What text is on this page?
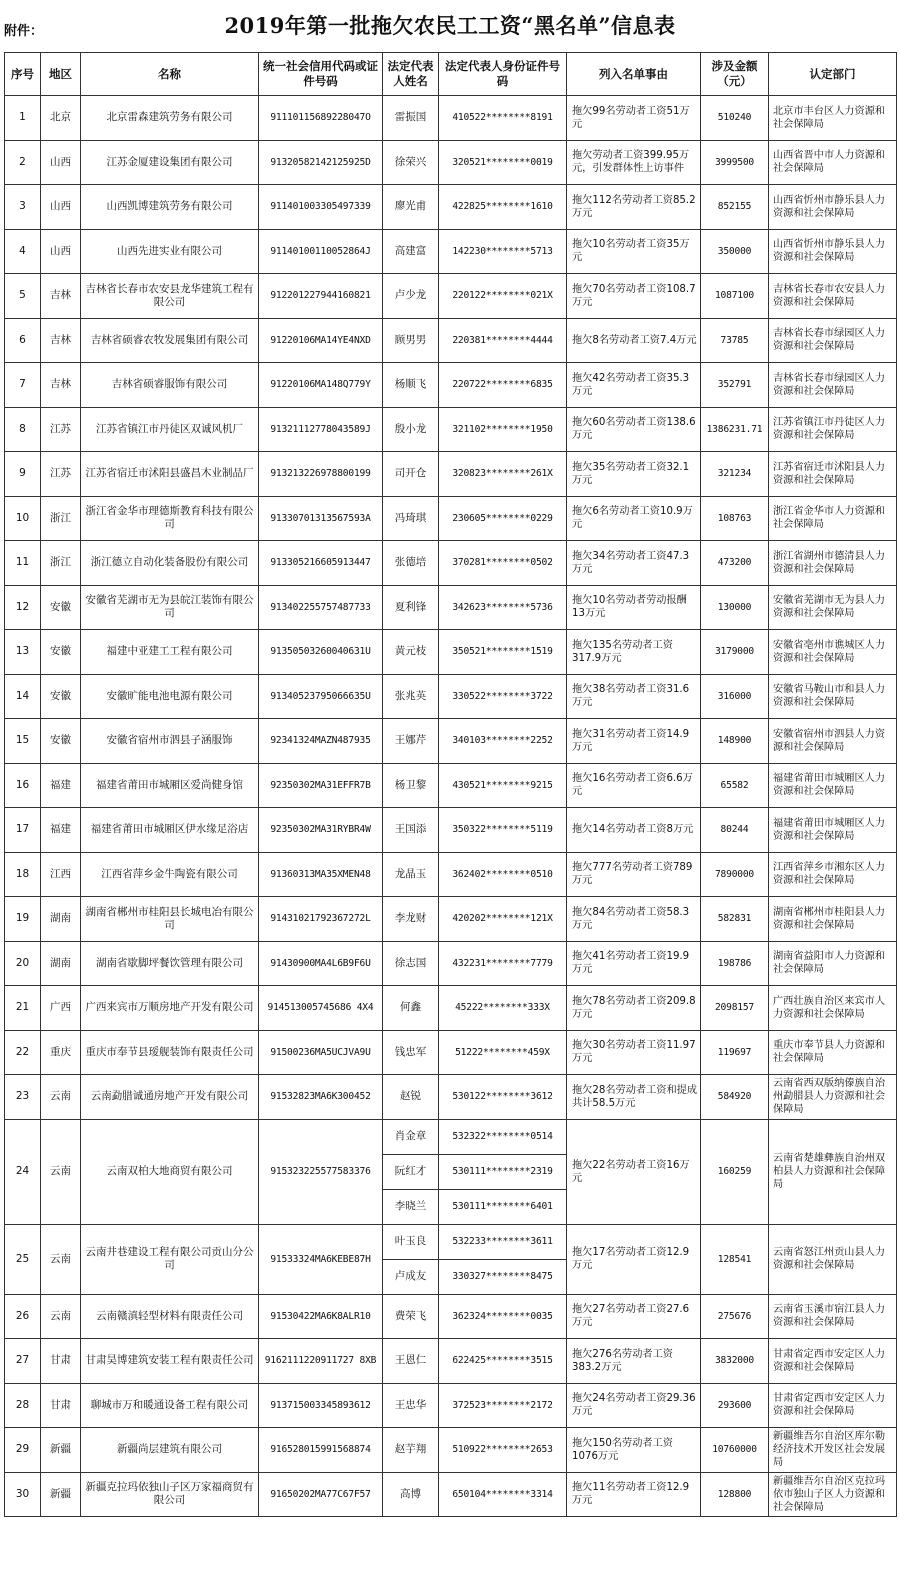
附件：	2019年第一批拖欠农民工工资“黑名单”信息表
序号	地区	名称	统一社会信用代码或证件号码	法定代表人姓名	法定代表人身份证件号码	列入名单事由	涉及金额（元）	认定部门
1	北京	北京雷森建筑劳务有限公司	91110115689228047O	雷振国	410522********8191	拖欠99名劳动者工资51万元	510240	北京市丰台区人力资源和社会保障局
2	山西	江苏金厦建设集团有限公司	91320582142125925D	徐荣兴	320521********0019	拖欠劳动者工资399.95万元，引发群体性上访事件	3999500	山西省晋中市人力资源和社会保障局
3	山西	山西凯博建筑劳务有限公司	911401003305497339	廖光甫	422825********1610	拖欠112名劳动者工资85.2万元	852155	山西省忻州市静乐县人力资源和社会保障局
4	山西	山西先进实业有限公司	91140100110052864J	高建富	142230********5713	拖欠10名劳动者工资35万元	350000	山西省忻州市静乐县人力资源和社会保障局
5	吉林	吉林省长春市农安县龙华建筑工程有限公司	912201227944160821	卢少龙	220122********021X	拖欠70名劳动者工资108.7万元	1087100	吉林省长春市农安县人力资源和社会保障局
6	吉林	吉林省硕睿农牧发展集团有限公司	91220106MA14YE4NXD	顾男男	220381********4444	拖欠8名劳动者工资7.4万元	73785	吉林省长春市绿园区人力资源和社会保障局
7	吉林	吉林省硕睿服饰有限公司	91220106MA148Q779Y	杨顺飞	220722********6835	拖欠42名劳动者工资35.3万元	352791	吉林省长春市绿园区人力资源和社会保障局
8	江苏	江苏省镇江市丹徒区双诚风机厂	91321112778043589J	殷小龙	321102********1950	拖欠60名劳动者工资138.6万元	1386231.71	江苏省镇江市丹徒区人力资源和社会保障局
9	江苏	江苏省宿迁市沭阳县盛昌木业制品厂	913213226978800199	司开仓	320823********261X	拖欠35名劳动者工资32.1万元	321234	江苏省宿迁市沭阳县人力资源和社会保障局
10	浙江	浙江省金华市理德斯教育科技有限公司	91330701313567593A	冯琦琪	230605********0229	拖欠6名劳动者工资10.9万元	108763	浙江省金华市人力资源和社会保障局
11	浙江	浙江德立自动化装备股份有限公司	913305216605913447	张德培	370281********0502	拖欠34名劳动者工资47.3万元	473200	浙江省湖州市德清县人力资源和社会保障局
12	安徽	安徽省芜湖市无为县皖江装饰有限公司	913402255757487733	夏利锋	342623********5736	拖欠10名劳动者劳动报酬13万元	130000	安徽省芜湖市无为县人力资源和社会保障局
13	安徽	福建中亚建工工程有限公司	91350503260040631U	黄元枝	350521********1519	拖欠135名劳动者工资317.9万元	3179000	安徽省亳州市谯城区人力资源和社会保障局
14	安徽	安徽旷能电池电源有限公司	91340523795066635U	张兆英	330522********3722	拖欠38名劳动者工资31.6万元	316000	安徽省马鞍山市和县人力资源和社会保障局
15	安徽	安徽省宿州市泗县子涵服饰	92341324MAZN487935	王娜芹	340103********2252	拖欠31名劳动者工资14.9万元	148900	安徽省宿州市泗县人力资源和社会保障局
16	福建	福建省莆田市城厢区爱尚健身馆	92350302MA31EFFR7B	杨卫黎	430521********9215	拖欠16名劳动者工资6.6万元	65582	福建省莆田市城厢区人力资源和社会保障局
17	福建	福建省莆田市城厢区伊水缘足浴店	92350302MA31RYBR4W	王国添	350322********5119	拖欠14名劳动者工资8万元	80244	福建省莆田市城厢区人力资源和社会保障局
18	江西	江西省萍乡金牛陶瓷有限公司	91360313MA35XMEN48	龙晶玉	362402********0510	拖欠777名劳动者工资789万元	7890000	江西省萍乡市湘东区人力资源和社会保障局
19	湖南	湖南省郴州市桂阳县长城电冶有限公司	91431021792367272L	李龙财	420202********121X	拖欠84名劳动者工资58.3万元	582831	湖南省郴州市桂阳县人力资源和社会保障局
20	湖南	湖南省歇脚坪餐饮管理有限公司	91430900MA4L6B9F6U	徐志国	432231********7779	拖欠41名劳动者工资19.9万元	198786	湖南省益阳市人力资源和社会保障局
21	广西	广西来宾市万顺房地产开发有限公司	914513005745686 4X4	何鑫	45222********333X	拖欠78名劳动者工资209.8万元	2098157	广西壮族自治区来宾市人力资源和社会保障局
22	重庆	重庆市奉节县瑷舰装饰有限责任公司	91500236MA5UCJVA9U	钱忠军	51222********459X	拖欠30名劳动者工资11.97万元	119697	重庆市奉节县人力资源和社会保障局
23	云南	云南勐腊诚通房地产开发有限公司	91532823MA6K300452	赵锐	530122********3612	拖欠28名劳动者工资和提成共计58.5万元	584920	云南省西双版纳傣族自治州勐腊县人力资源和社会保障局
24	云南	云南双柏大地商贸有限公司	915323225577583376	肖金章	532322********0514	拖欠22名劳动者工资16万元	160259	云南省楚雄彝族自治州双柏县人力资源和社会保障局
				阮红才	530111********2319			
				李晓兰	530111********6401			
25	云南	云南井巷建设工程有限公司贡山分公司	91533324MA6KEBE87H	叶玉良	532233********3611	拖欠17名劳动者工资12.9万元	128541	云南省怒江州贡山县人力资源和社会保障局
				卢成友	330327********8475			
26	云南	云南赣滇轻型材料有限责任公司	91530422MA6K8ALR10	费荣飞	362324********0035	拖欠27名劳动者工资27.6万元	275676	云南省玉溪市宿江县人力资源和社会保障局
27	甘肃	甘肃昊博建筑安装工程有限责任公司	9162111220911727 8XB	王恩仁	622425********3515	拖欠276名劳动者工资383.2万元	3832000	甘肃省定西市安定区人力资源和社会保障局
28	甘肃	聊城市万和暖通设备工程有限公司	913715003345893612	王忠华	372523********2172	拖欠24名劳动者工资29.36万元	293600	甘肃省定西市安定区人力资源和社会保障局
29	新疆	新疆尚层建筑有限公司	916528015991568874	赵芋翔	510922********2653	拖欠150名劳动者工资1076万元	10760000	新疆维吾尔自治区库尔勒经济技术开发区社会发展局
30	新疆	新疆克拉玛依独山子区万家福商贸有限公司	91650202MA77C67F57	高博	650104********3314	拖欠11名劳动者工资12.9万元	128800	新疆维吾尔自治区克拉玛依市独山子区人力资源和社会保障局
